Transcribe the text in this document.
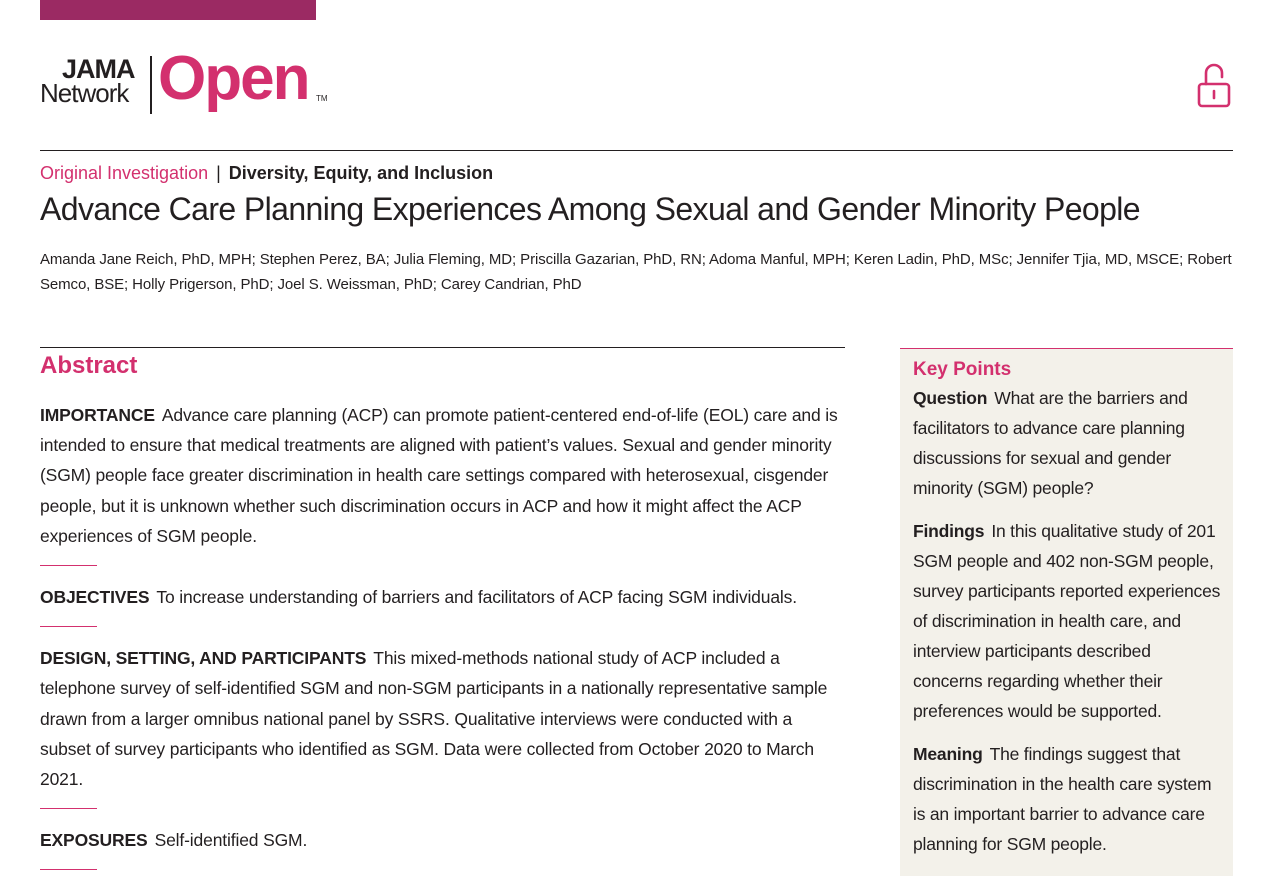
JAMA
Network Open TM
Original Investigation | Diversity, Equity, and Inclusion
Advance Care Planning Experiences Among Sexual and Gender Minority People
Amanda Jane Reich, PhD, MPH; Stephen Perez, BA; Julia Fleming, MD; Priscilla Gazarian, PhD, RN; Adoma Manful, MPH; Keren Ladin, PhD, MSc; Jennifer Tjia, MD, MSCE; Robert Semco, BSE; Holly Prigerson, PhD; Joel S. Weissman, PhD; Carey Candrian, PhD
Abstract
IMPORTANCE Advance care planning (ACP) can promote patient-centered end-of-life (EOL) care and is intended to ensure that medical treatments are aligned with patient’s values. Sexual and gender minority (SGM) people face greater discrimination in health care settings compared with heterosexual, cisgender people, but it is unknown whether such discrimination occurs in ACP and how it might affect the ACP experiences of SGM people.
OBJECTIVES To increase understanding of barriers and facilitators of ACP facing SGM individuals.
DESIGN, SETTING, AND PARTICIPANTS This mixed-methods national study of ACP included a telephone survey of self-identified SGM and non-SGM participants in a nationally representative sample drawn from a larger omnibus national panel by SSRS. Qualitative interviews were conducted with a subset of survey participants who identified as SGM. Data were collected from October 2020 to March 2021.
EXPOSURES Self-identified SGM.
Key Points
Question What are the barriers and facilitators to advance care planning discussions for sexual and gender minority (SGM) people?
Findings In this qualitative study of 201 SGM people and 402 non-SGM people, survey participants reported experiences of discrimination in health care, and interview participants described concerns regarding whether their preferences would be supported.
Meaning The findings suggest that discrimination in the health care system is an important barrier to advance care planning for SGM people.
